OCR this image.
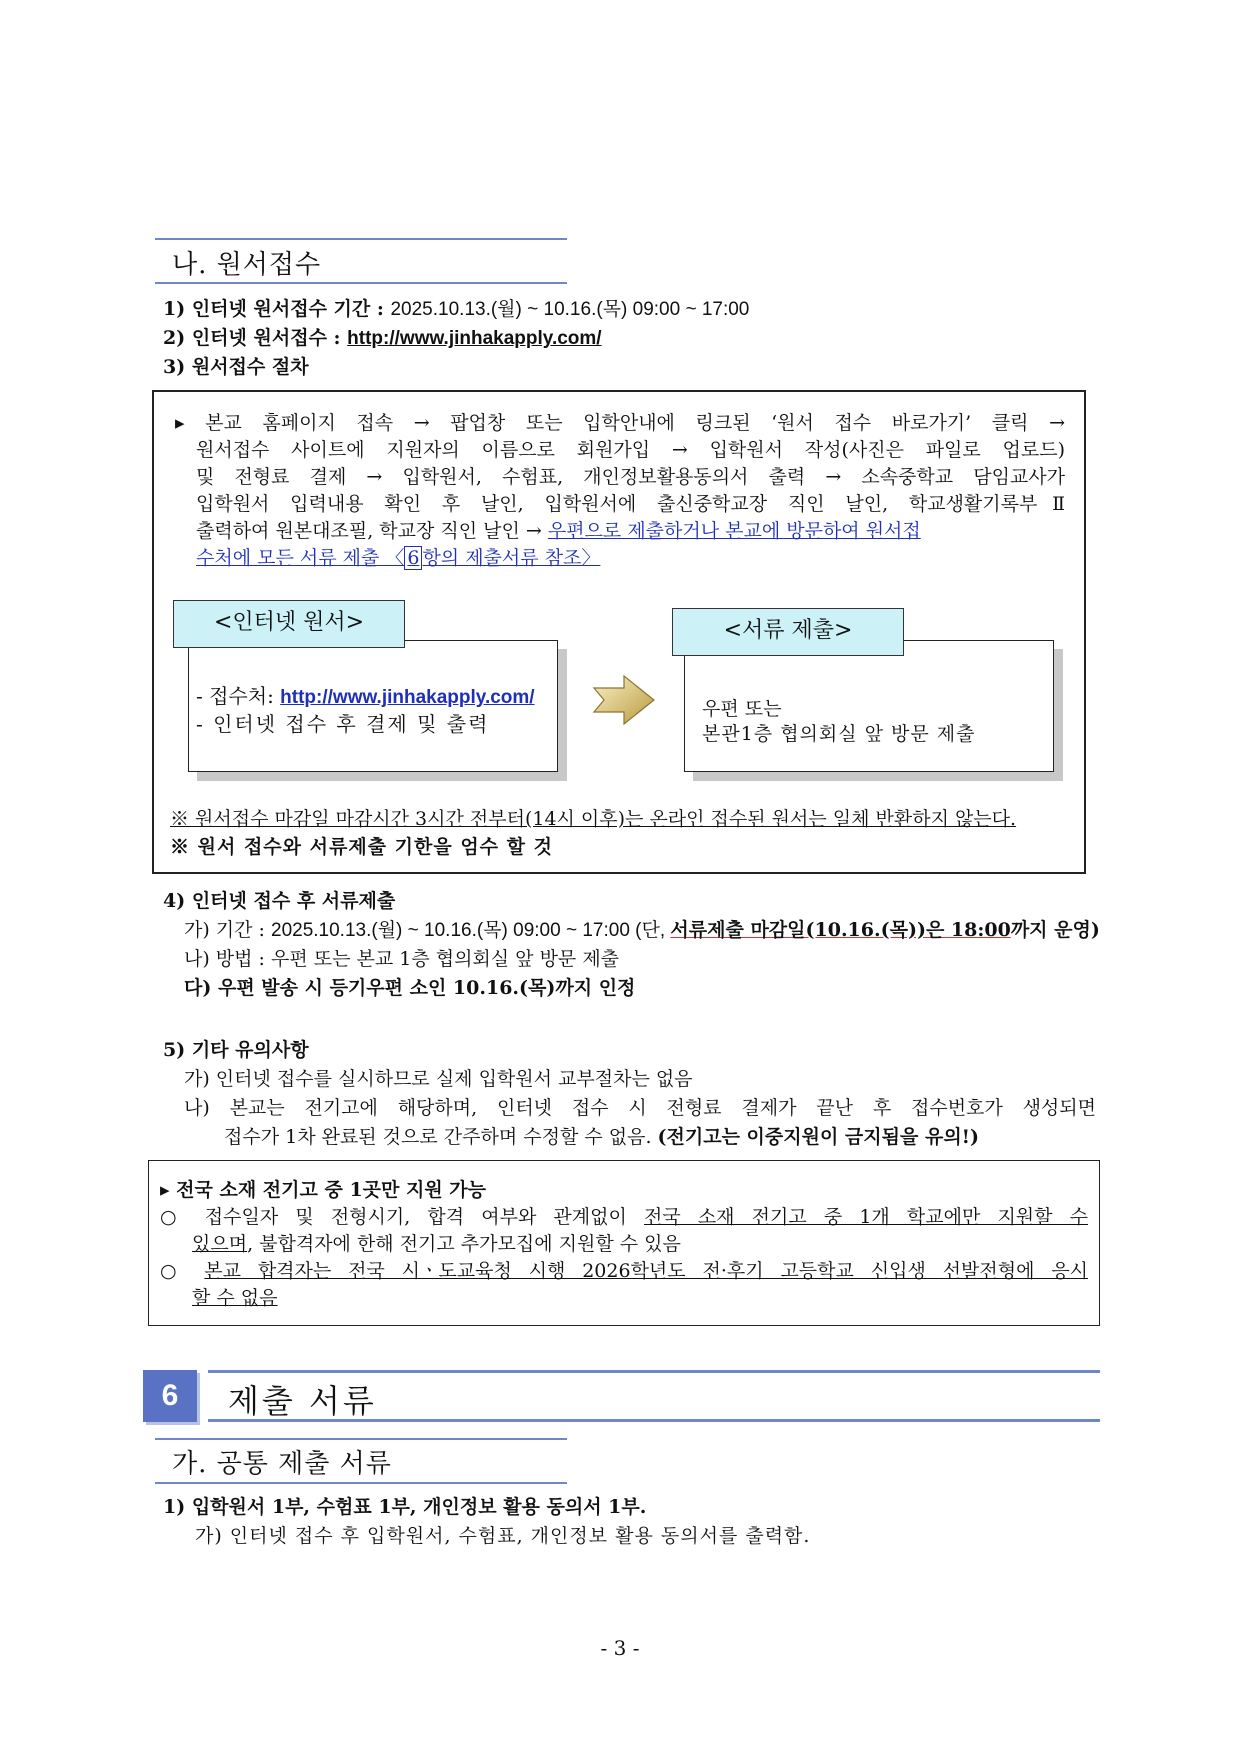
나. 원서접수
1) 인터넷 원서접수 기간 : 2025.10.13.(월) ~ 10.16.(목) 09:00 ~ 17:00
2) 인터넷 원서접수 : http://www.jinhakapply.com/
3) 원서접수 절차
▸ 본교 홈페이지 접속 → 팝업창 또는 입학안내에 링크된 ‘원서 접수 바로가기’ 클릭 →
원서접수 사이트에 지원자의 이름으로 회원가입 → 입학원서 작성(사진은 파일로 업로드)
및 전형료 결제 → 입학원서, 수험표, 개인정보활용동의서 출력 → 소속중학교 담임교사가
입학원서 입력내용 확인 후 날인, 입학원서에 출신중학교장 직인 날인, 학교생활기록부Ⅱ
출력하여 원본대조필, 학교장 직인 날인 → 우편으로 제출하거나 본교에 방문하여 원서접
수처에 모든 서류 제출 〈 6 항의 제출서류 참조〉
<인터넷 원서>
- 접수처: http://www.jinhakapply.com/
- 인터넷 접수 후 결제 및 출력
<서류 제출>
우편 또는
본관1층 협의회실 앞 방문 제출
※ 원서접수 마감일 마감시간 3시간 전부터(14시 이후)는 온라인 접수된 원서는 일체 반환하지 않는다.
※ 원서 접수와 서류제출 기한을 엄수 할 것
4) 인터넷 접수 후 서류제출
가) 기간 : 2025.10.13.(월) ~ 10.16.(목) 09:00 ~ 17:00 (단, 서류제출 마감일(10.16.(목))은 18:00까지 운영)
나) 방법 : 우편 또는 본교 1층 협의회실 앞 방문 제출
다) 우편 발송 시 등기우편 소인 10.16.(목)까지 인정
5) 기타 유의사항
가) 인터넷 접수를 실시하므로 실제 입학원서 교부절차는 없음
나) 본교는 전기고에 해당하며, 인터넷 접수 시 전형료 결제가 끝난 후 접수번호가 생성되면
접수가 1차 완료된 것으로 간주하며 수정할 수 없음. (전기고는 이중지원이 금지됨을 유의!)
▸ 전국 소재 전기고 중 1곳만 지원 가능
○ 접수일자 및 전형시기, 합격 여부와 관계없이 전국 소재 전기고 중 1개 학교에만 지원할 수
있으며, 불합격자에 한해 전기고 추가모집에 지원할 수 있음
○ 본교 합격자는 전국 시ㆍ도교육청 시행 2026학년도 전·후기 고등학교 신입생 선발전형에 응시
할 수 없음
6	제출 서류
가. 공통 제출 서류
1) 입학원서 1부, 수험표 1부, 개인정보 활용 동의서 1부.
가) 인터넷 접수 후 입학원서, 수험표, 개인정보 활용 동의서를 출력함.
- 3 -
